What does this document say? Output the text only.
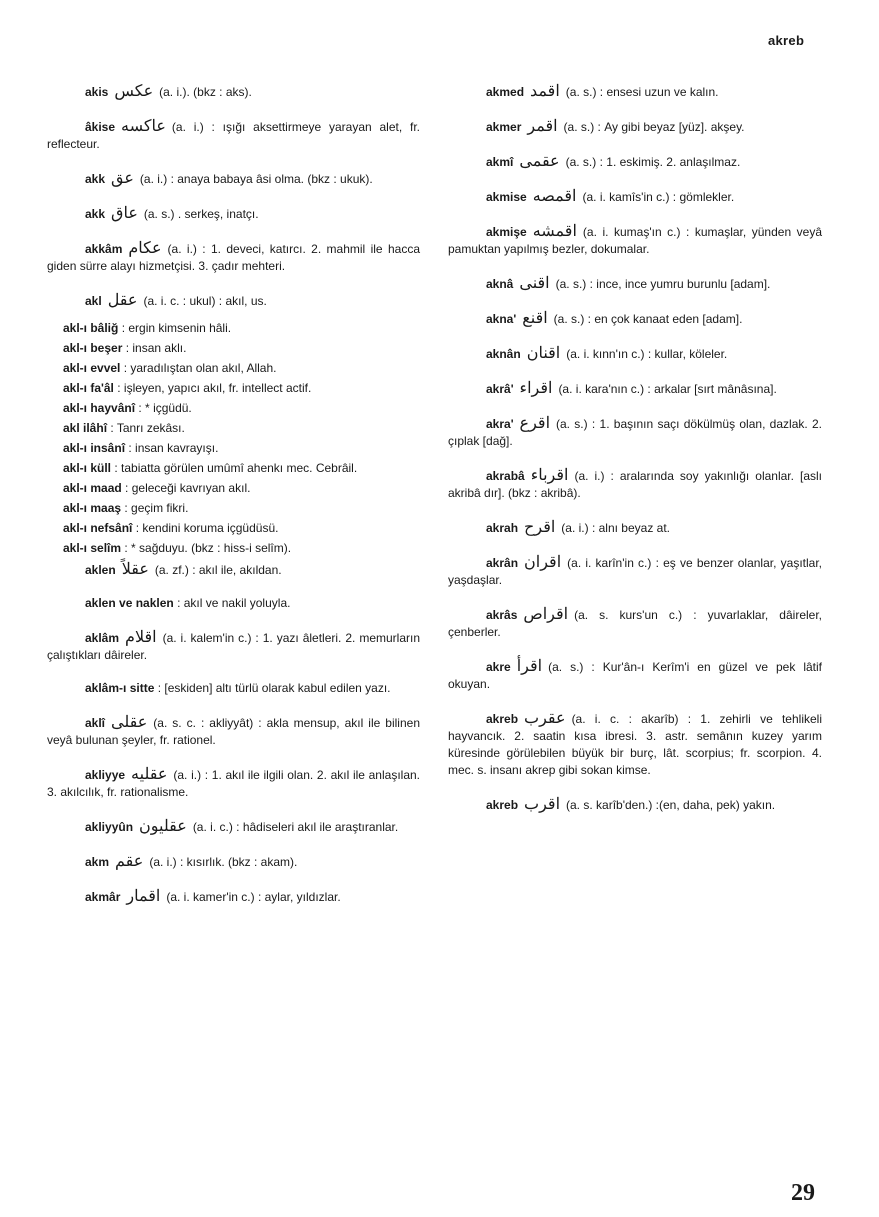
akreb

akis عكس (a. i.). (bkz : aks).

âkise عاكسه (a. i.) : ışığı aksettirmeye yarayan alet, fr. reflecteur.

akk عق (a. i.) : anaya babaya âsi olma. (bkz : ukuk).

akk عاق (a. s.) . serkeş, inatçı.

akkâm عكام (a. i.) : 1. deveci, katırcı. 2. mahmil ile hacca giden sürre alayı hizmetçisi. 3. çadır mehteri.

akl عقل (a. i. c. : ukul) : akıl, us.

akl-ı bâliğ : ergin kimsenin hâli.

akl-ı beşer : insan aklı.

akl-ı evvel : yaradılıştan olan akıl, Allah.

akl-ı fa'âl : işleyen, yapıcı akıl, fr. intellect actif.

akl-ı hayvânî : * içgüdü.

akl ilâhî : Tanrı zekâsı.

akl-ı insânî : insan kavrayışı.

akl-ı küll : tabiatta görülen umûmî ahenkı mec. Cebrâil.

akl-ı maad : geleceği kavrıyan akıl.

akl-ı maaş : geçim fikri.

akl-ı nefsânî : kendini koruma içgüdüsü.

akl-ı selîm : * sağduyu. (bkz : hiss-i selîm).

aklen عقلاً (a. zf.) : akıl ile, akıldan.

aklen ve naklen : akıl ve nakil yoluyla.

aklâm اقلام (a. i. kalem'in c.) : 1. yazı âletleri. 2. memurların çalıştıkları dâireler.

aklâm-ı sitte : [eskiden] altı türlü olarak kabul edilen yazı.

aklî عقلى (a. s. c. : akliyyât) : akla mensup, akıl ile bilinen veyâ bulunan şeyler, fr. rationel.

akliyye عقليه (a. i.) : 1. akıl ile ilgili olan. 2. akıl ile anlaşılan. 3. akılcılık, fr. rationalisme.

akliyyûn عقليون (a. i. c.) : hâdiseleri akıl ile araştıranlar.

akm عقم (a. i.) : kısırlık. (bkz : akam).

akmâr اقمار (a. i. kamer'in c.) : aylar, yıldızlar.

akmed اقمد (a. s.) : ensesi uzun ve kalın.

akmer اقمر (a. s.) : Ay gibi beyaz [yüz]. akşey.

akmî عقمى (a. s.) : 1. eskimiş. 2. anlaşılmaz.

akmise اقمصه (a. i. kamîs'in c.) : gömlekler.

akmişe اقمشه (a. i. kumaş'ın c.) : kumaşlar, yünden veyâ pamuktan yapılmış bezler, dokumalar.

aknâ اقنى (a. s.) : ince, ince yumru burunlu [adam].

akna' اقنع (a. s.) : en çok kanaat eden [adam].

aknân اقنان (a. i. kınn'ın c.) : kullar, köleler.

akrâ' اقراء (a. i. kara'nın c.) : arkalar [sırt mânâsına].

akra' اقرع (a. s.) : 1. başının saçı dökülmüş olan, dazlak. 2. çıplak [dağ].

akrabâ اقرباء (a. i.) : aralarında soy yakınlığı olanlar. [aslı akribâ dır]. (bkz : akribâ).

akrah اقرح (a. i.) : alnı beyaz at.

akrân اقران (a. i. karîn'in c.) : eş ve benzer olanlar, yaşıtlar, yaşdaşlar.

akrâs اقراص (a. s. kurs'un c.) : yuvarlaklar, dâireler, çenberler.

akre اقرأ (a. s.) : Kur'ân-ı Kerîm'i en güzel ve pek lâtif okuyan.

akreb عقرب (a. i. c. : akarîb) : 1. zehirli ve tehlikeli hayvancık. 2. saatin kısa ibresi. 3. astr. semânın kuzey yarım küresinde görülebilen büyük bir burç, lât. scorpius; fr. scorpion. 4. mec. s. insanı akrep gibi sokan kimse.

akreb اقرب (a. s. karîb'den.) :(en, daha, pek) yakın.

29
